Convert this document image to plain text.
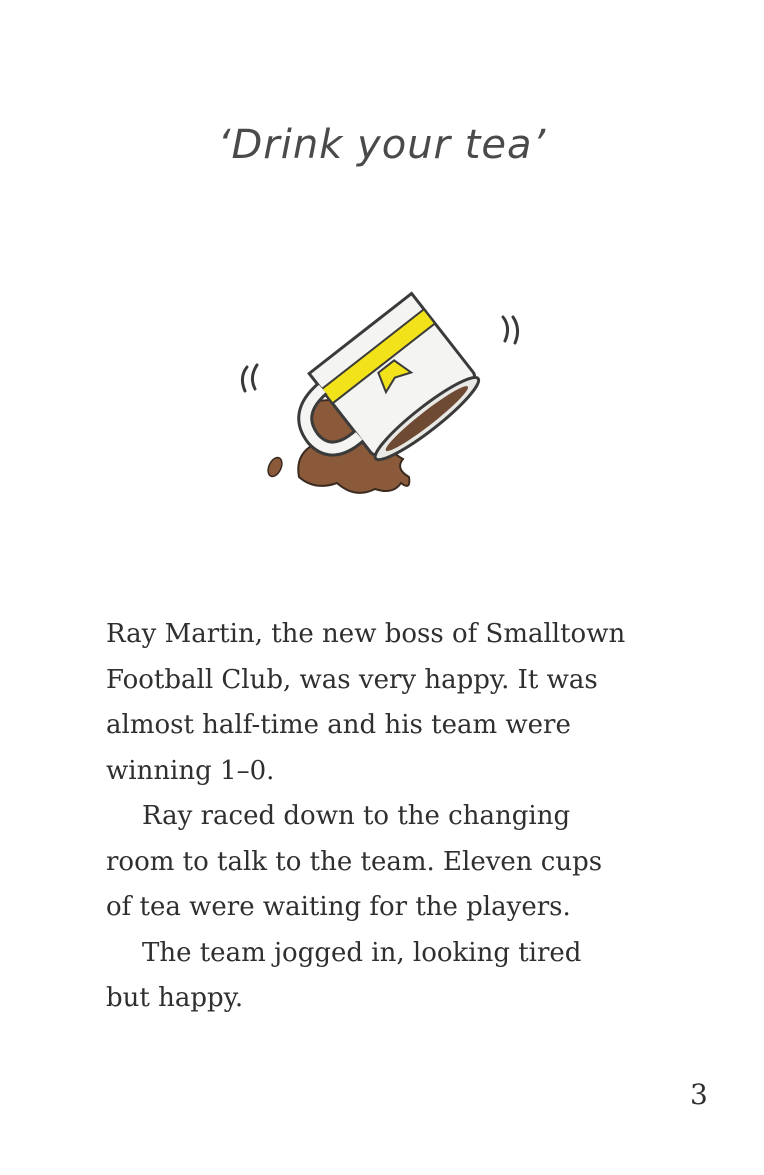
‘Drink your tea’

Ray Martin, the new boss of Smalltown
Football Club, was very happy. It was
almost half-time and his team were
winning 1–0.

Ray raced down to the changing
room to talk to the team. Eleven cups
of tea were waiting for the players.

The team jogged in, looking tired
but happy.

3
